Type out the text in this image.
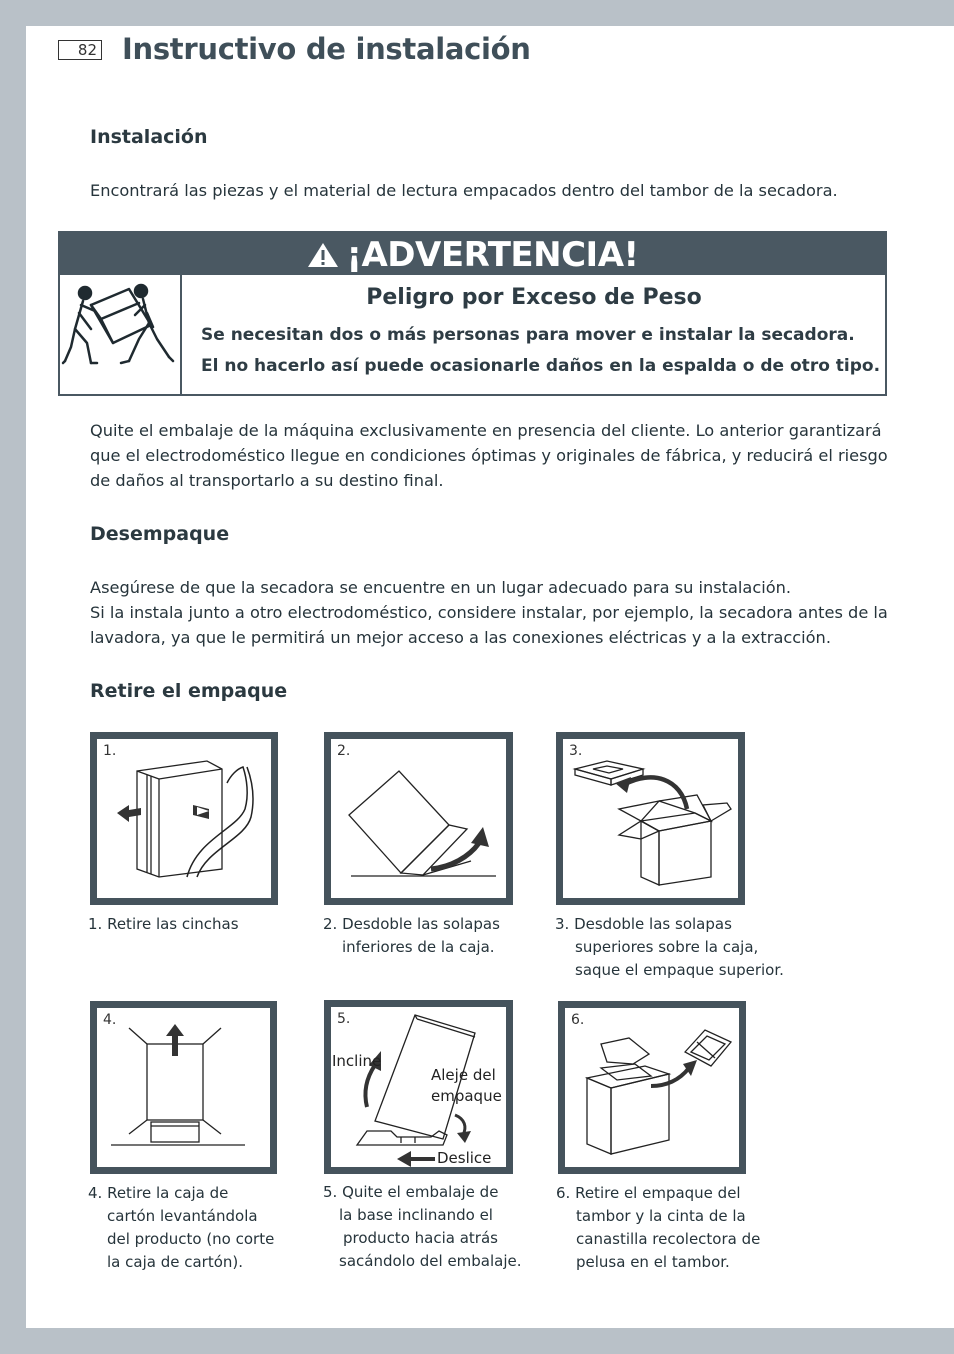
82 Instructivo de instalación
Instalación
Encontrará las piezas y el material de lectura empacados dentro del tambor de la secadora.
¡ADVERTENCIA!
Peligro por Exceso de Peso
Se necesitan dos o más personas para mover e instalar la secadora.
El no hacerlo así puede ocasionarle daños en la espalda o de otro tipo.
Quite el embalaje de la máquina exclusivamente en presencia del cliente. Lo anterior garantizará
que el electrodoméstico llegue en condiciones óptimas y originales de fábrica, y reducirá el riesgo
de daños al transportarlo a su destino final.
Desempaque
Asegúrese de que la secadora se encuentre en un lugar adecuado para su instalación.
Si la instala junto a otro electrodoméstico, considere instalar, por ejemplo, la secadora antes de la
lavadora, ya que le permitirá un mejor acceso a las conexiones eléctricas y a la extracción.
Retire el empaque
1.
1. Retire las cinchas
2.
2. Desdoble las solapas
inferiores de la caja.
3.
3. Desdoble las solapas
superiores sobre la caja,
saque el empaque superior.
4.
4. Retire la caja de
cartón levantándola
del producto (no corte
la caja de cartón).
5.
Incline
Aleje del
empaque
Deslice
5. Quite el embalaje de
la base inclinando el
producto hacia atrás
sacándolo del embalaje.
6.
6. Retire el empaque del
tambor y la cinta de la
canastilla recolectora de
pelusa en el tambor.
